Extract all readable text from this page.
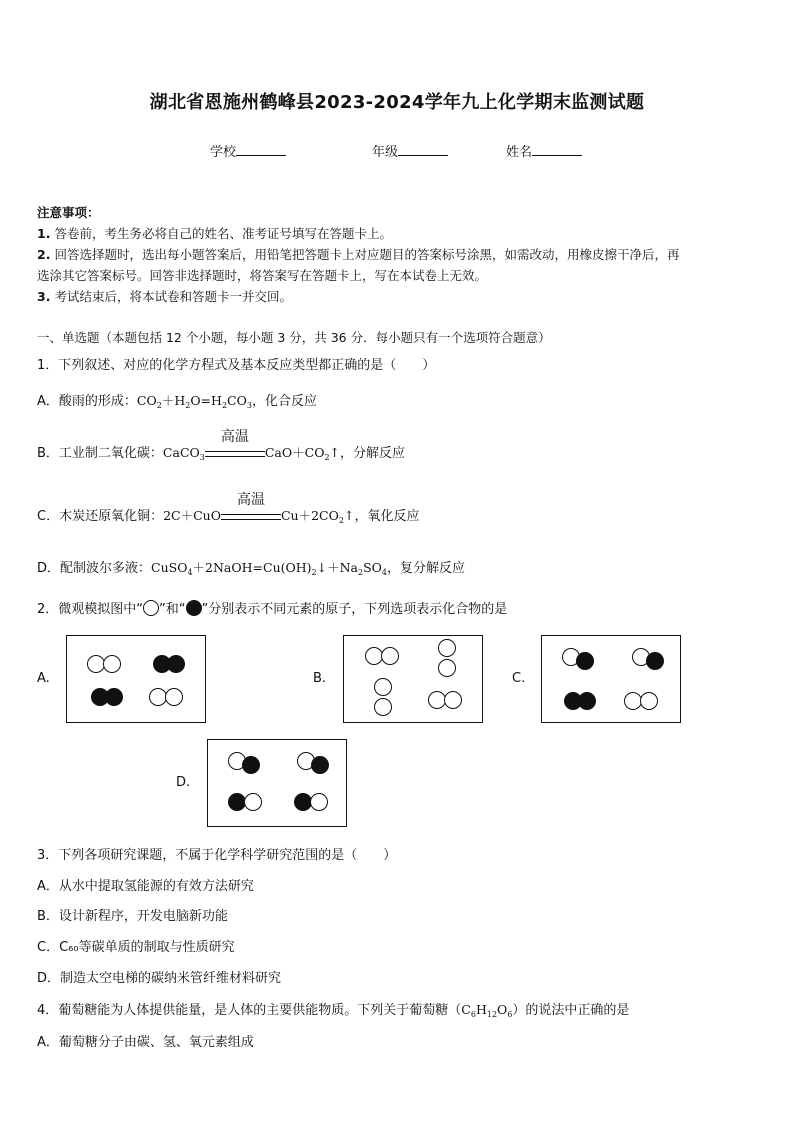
湖北省恩施州鹤峰县2023-2024学年九上化学期末监测试题
学校	年级	姓名
注意事项：
1. 答卷前，考生务必将自己的姓名、准考证号填写在答题卡上。
2. 回答选择题时，选出每小题答案后，用铅笔把答题卡上对应题目的答案标号涂黑，如需改动，用橡皮擦干净后，再
选涂其它答案标号。回答非选择题时，将答案写在答题卡上，写在本试卷上无效。
3. 考试结束后，将本试卷和答题卡一并交回。
一、单选题（本题包括 12 个小题，每小题 3 分，共 36 分．每小题只有一个选项符合题意）
1．下列叙述、对应的化学方程式及基本反应类型都正确的是（　　）
A．酸雨的形成：$CO_2+H_2O=H_2CO_3$，化合反应
B．工业制二氧化碳：CaCO$_3$
高温
$CaO+CO_2↑$，分解反应
C．木炭还原氧化铜：2C＋CuO
高温
$Cu+2CO_2↑$，氧化反应
D．配制波尔多液：$CuSO_4+2NaOH=Cu(OH)_2↓+Na_2SO_4$，复分解反应
2．微观模拟图中“ ”和“ ”分别表示不同元素的原子，下列选项表示化合物的是
A.	B.	C.
D.
3．下列各项研究课题，不属于化学科学研究范围的是（　　）
A．从水中提取氢能源的有效方法研究
B．设计新程序，开发电脑新功能
C．C₆₀等碳单质的制取与性质研究
D．制造太空电梯的碳纳米管纤维材料研究
4．葡萄糖能为人体提供能量，是人体的主要供能物质。下列关于葡萄糖$(C_6H_{12}O_6)$的说法中正确的是
A．葡萄糖分子由碳、氢、氧元素组成
